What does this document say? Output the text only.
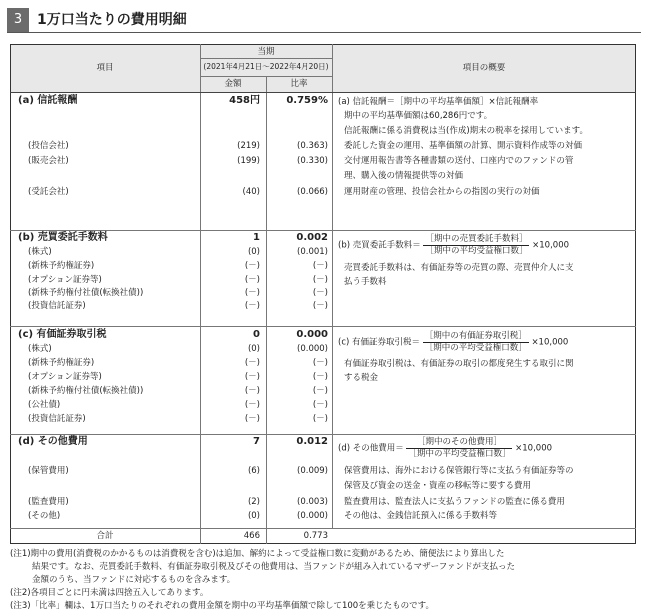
3	1万口当たりの費用明細
項目
当期
(2021年4月21日～2022年4月20日)
金額	比率
項目の概要
(a) 信託報酬	458円	0.759%
(投信会社)	(219)	(0.363)
(販売会社)	(199)	(0.330)
(受託会社)	(40)	(0.066)
(a) 信託報酬＝［期中の平均基準価額］×信託報酬率
期中の平均基準価額は60,286円です。
信託報酬に係る消費税は当(作成)期末の税率を採用しています。
委託した資金の運用、基準価額の計算、開示資料作成等の対価
交付運用報告書等各種書類の送付、口座内でのファンドの管
理、購入後の情報提供等の対価
運用財産の管理、投信会社からの指図の実行の対価
(b) 売買委託手数料	1	0.002
(株式)	(0)	(0.001)
(新株予約権証券)	(－)	(－)
(オプション証券等)	(－)	(－)
(新株予約権付社債(転換社債))	(－)	(－)
(投資信託証券)	(－)	(－)
(b) 売買委託手数料＝
［期中の売買委託手数料］
［期中の平均受益権口数］
×10,000
売買委託手数料は、有価証券等の売買の際、売買仲介人に支
払う手数料
(c) 有価証券取引税	0	0.000
(株式)	(0)	(0.000)
(新株予約権証券)	(－)	(－)
(オプション証券等)	(－)	(－)
(新株予約権付社債(転換社債))	(－)	(－)
(公社債)	(－)	(－)
(投資信託証券)	(－)	(－)
(c) 有価証券取引税＝
［期中の有価証券取引税］
［期中の平均受益権口数］
×10,000
有価証券取引税は、有価証券の取引の都度発生する取引に関
する税金
(d) その他費用	7	0.012
(保管費用)	(6)	(0.009)
(監査費用)	(2)	(0.003)
(その他)	(0)	(0.000)
(d) その他費用＝
［期中のその他費用］
［期中の平均受益権口数］
×10,000
保管費用は、海外における保管銀行等に支払う有価証券等の
保管及び資金の送金・資産の移転等に要する費用
監査費用は、監査法人に支払うファンドの監査に係る費用
その他は、金銭信託預入に係る手数料等
合計	466	0.773
(注1)期中の費用(消費税のかかるものは消費税を含む)は追加、解約によって受益権口数に変動があるため、簡便法により算出した
結果です。なお、売買委託手数料、有価証券取引税及びその他費用は、当ファンドが組み入れているマザーファンドが支払った
金額のうち、当ファンドに対応するものを含みます。
(注2)各項目ごとに円未満は四捨五入してあります。
(注3)「比率」欄は、1万口当たりのそれぞれの費用金額を期中の平均基準価額で除して100を乗じたものです。
